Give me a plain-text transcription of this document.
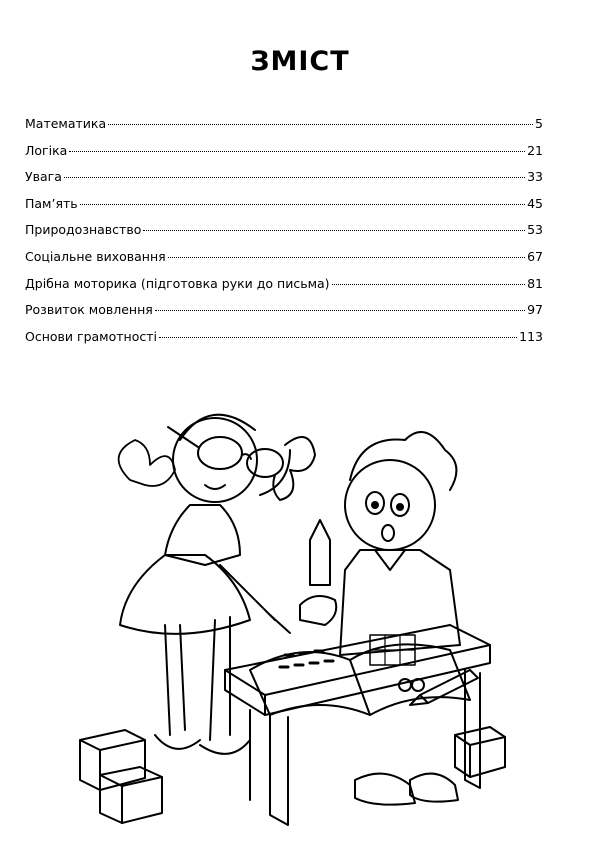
ЗМІСТ
Математика	5
Логіка	21
Увага	33
Пам’ять	45
Природознавство	53
Соціальне виховання	67
Дрібна моторика (підготовка руки до письма)	81
Розвиток мовлення	97
Основи грамотності	113
